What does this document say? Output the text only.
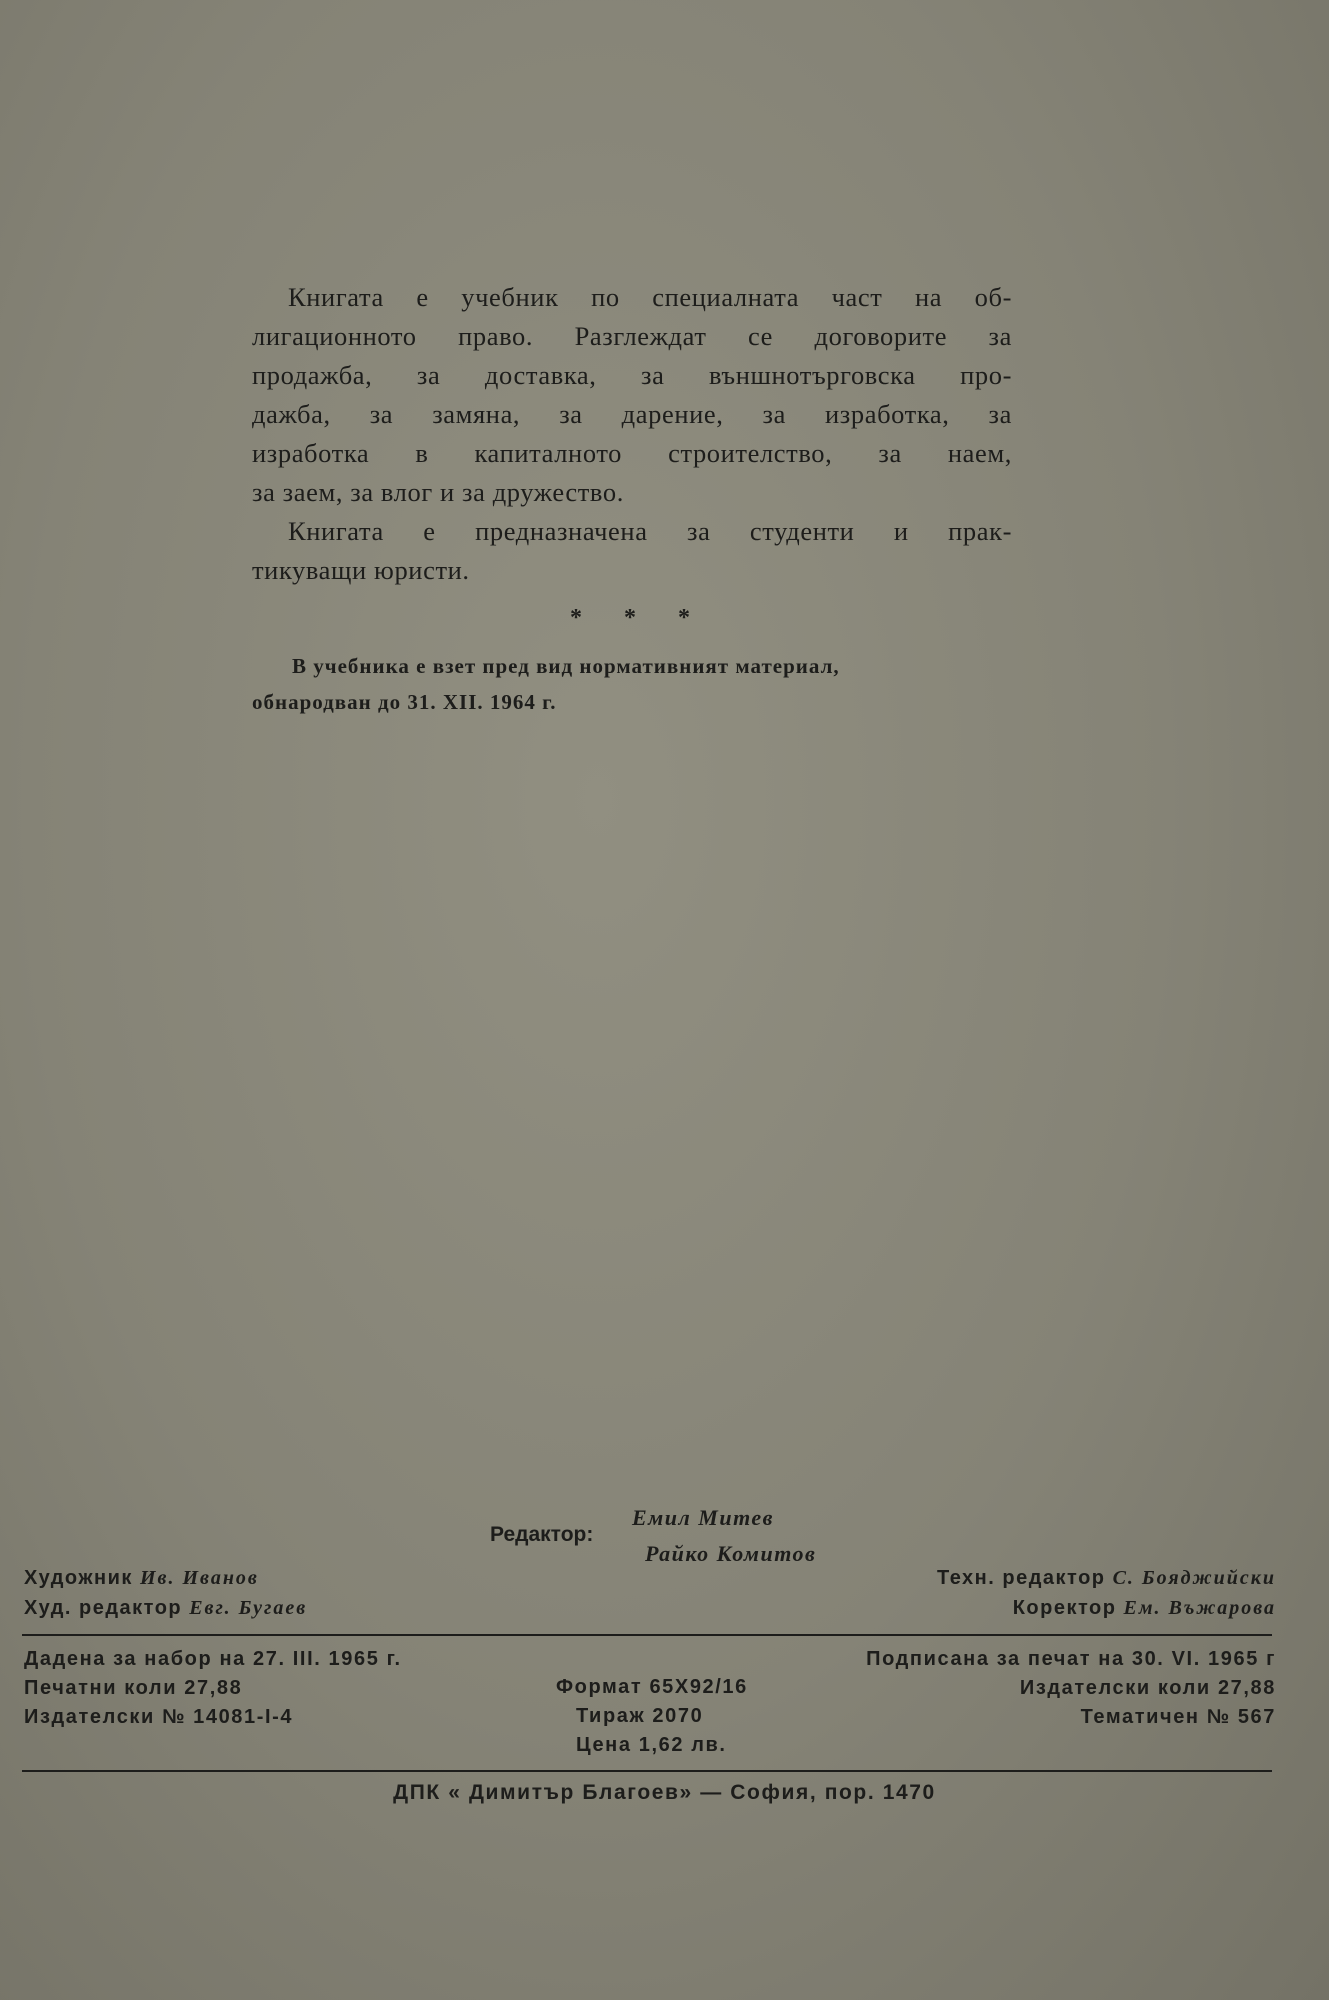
Книгата е учебник по специалната част на об-
лигационното право. Разглеждат се договорите за
продажба, за доставка, за външнотърговска про-
дажба, за замяна, за дарение, за изработка, за
изработка в капиталното строителство, за наем,
за заем, за влог и за дружество.

Книгата е предназначена за студенти и прак-
тикуващи юристи.

* * *
В учебника е взет пред вид нормативният материал,
обнародван до 31. XII. 1964 г.
Редактор:
Емил Митев
Райко Комитов
Художник Ив. Иванов	Техн. редактор С. Бояджийски
Худ. редактор Евг. Бугаев	Коректор Ем. Въжарова
Дадена за набор на 27. III. 1965 г.
Печатни коли 27,88
Издателски № 14081-I-4
Формат 65Х92/16
Тираж 2070
Цена 1,62 лв.
Подписана за печат на 30. VI. 1965 г
Издателски коли 27,88
Тематичен № 567
ДПК « Димитър Благоев» — София, пор. 1470
